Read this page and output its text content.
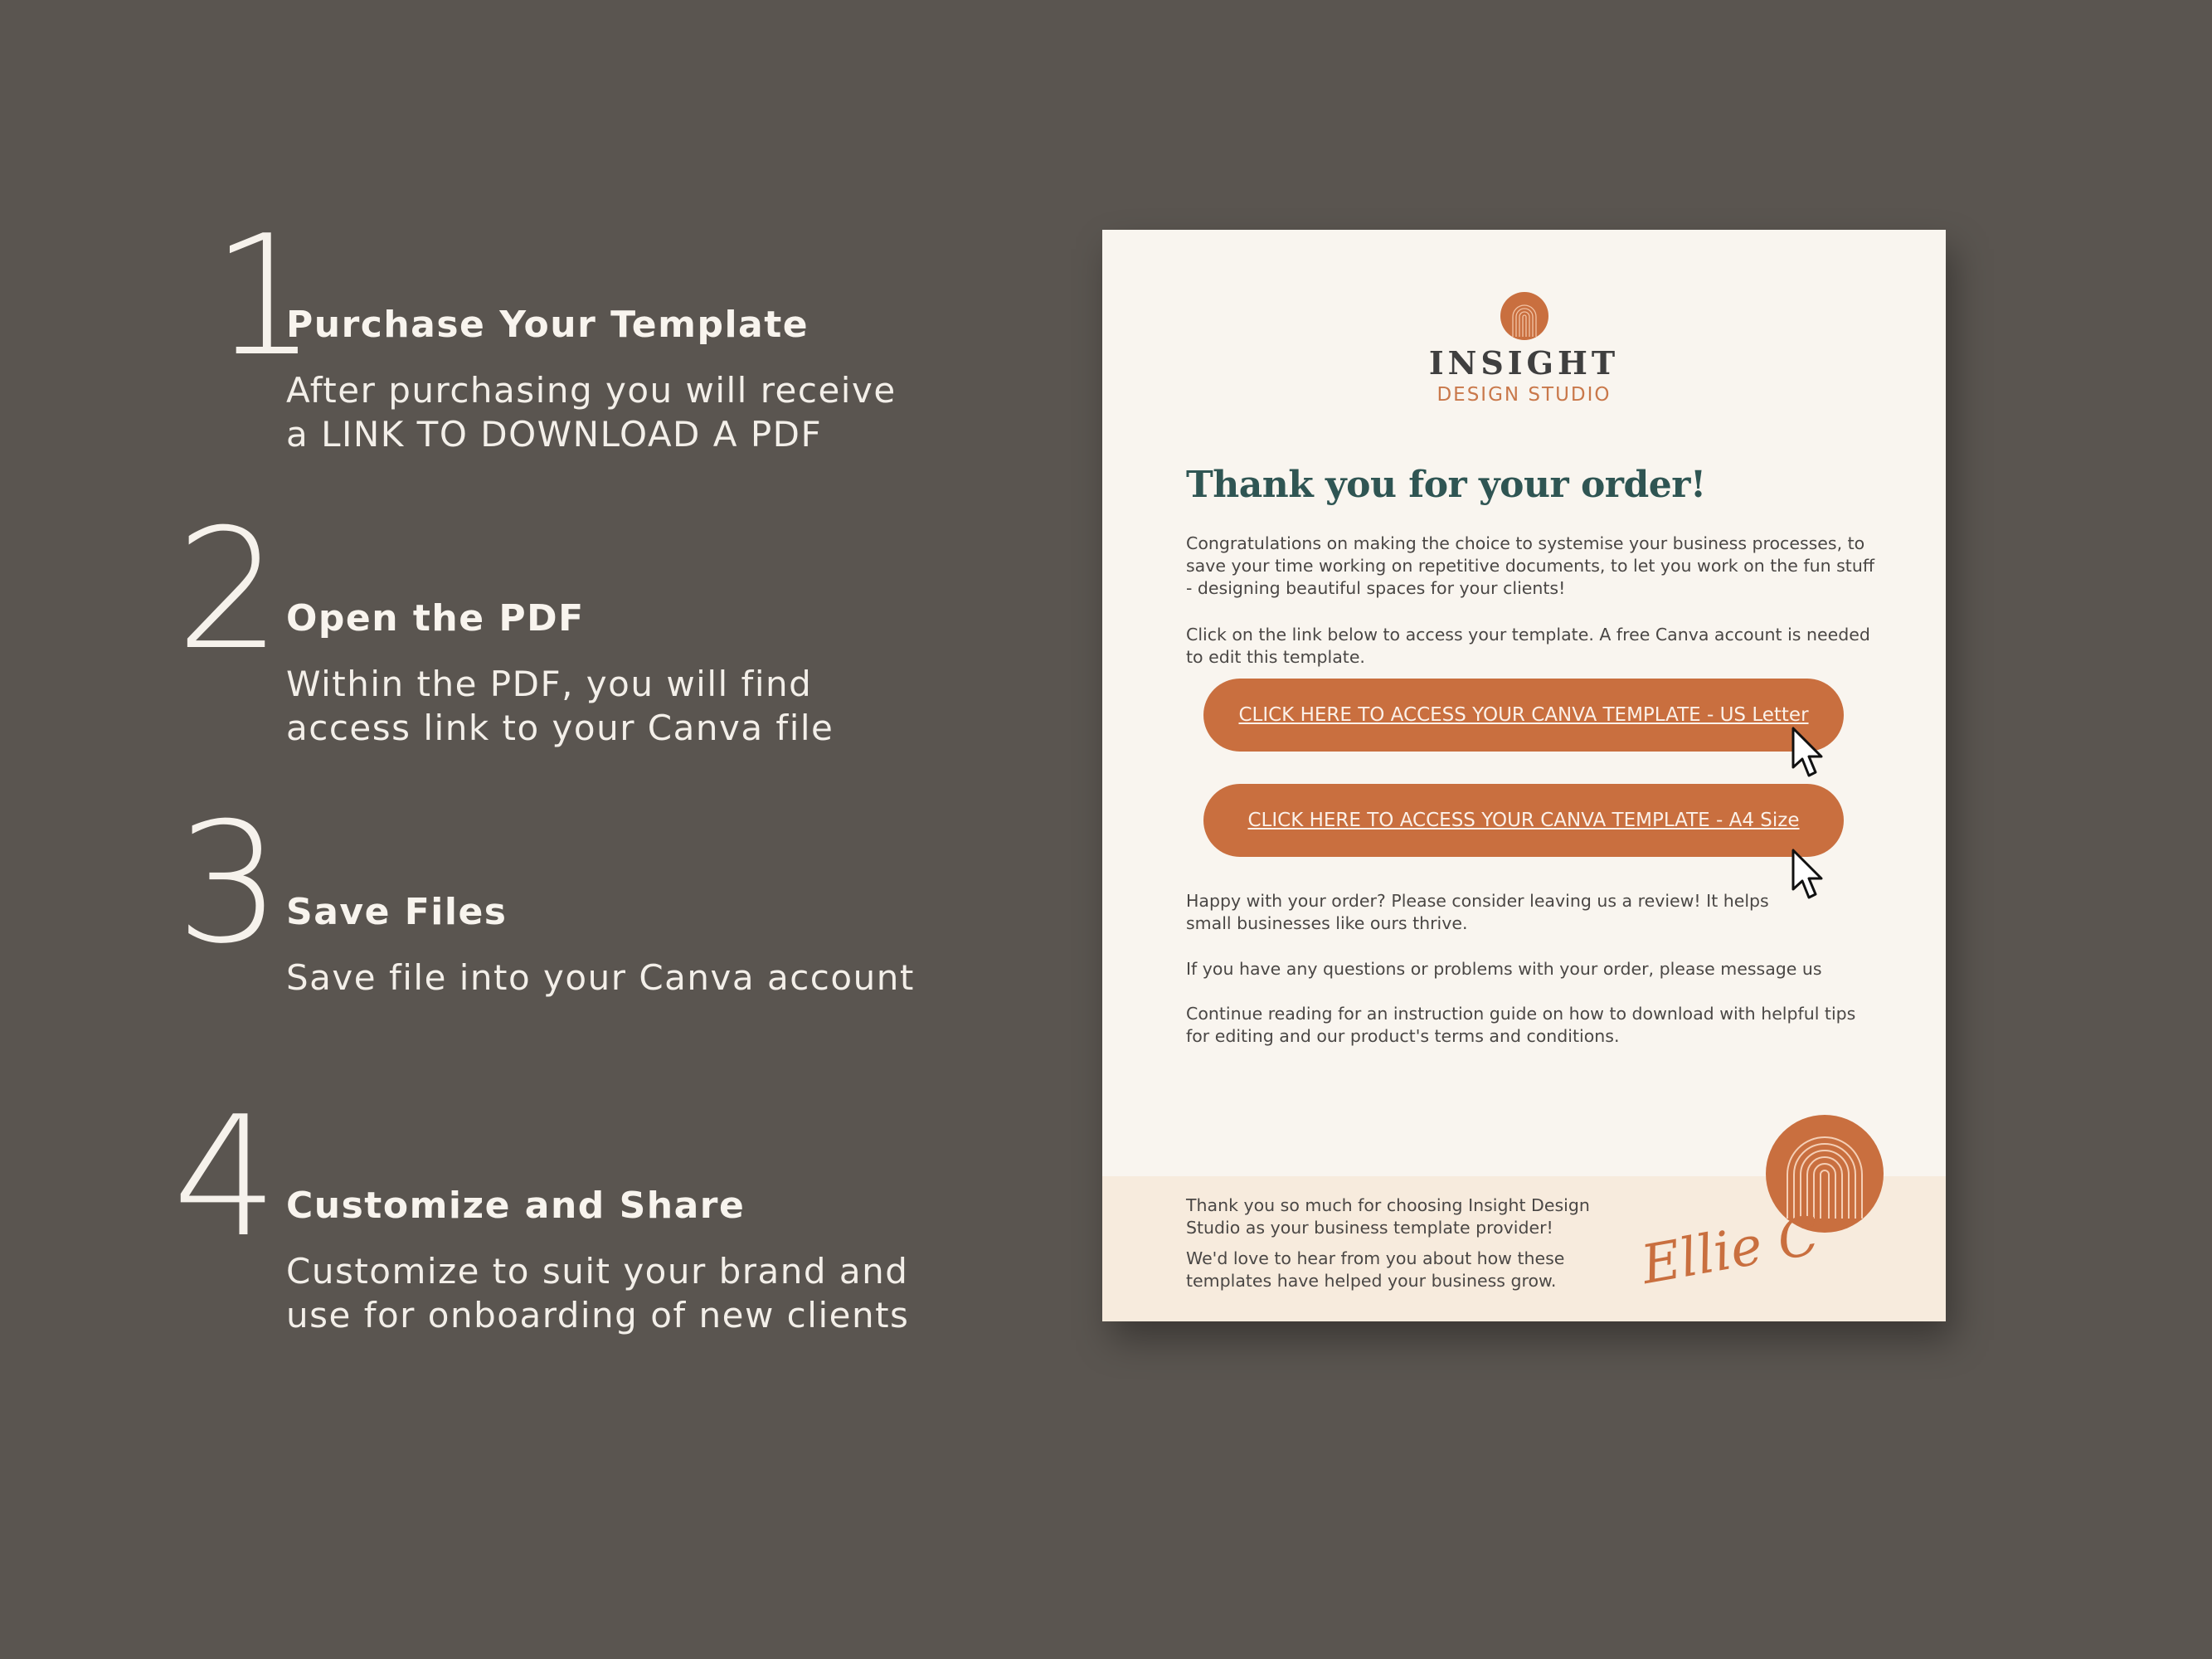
1
Purchase Your Template
After purchasing you will receive
a LINK TO DOWNLOAD A PDF
2 Open the PDF
Within the PDF, you will find
access link to your Canva file
3 Save Files
Save file into your Canva account
4 Customize and Share
Customize to suit your brand and
use for onboarding of new clients
INSIGHT
DESIGN STUDIO
Thank you for your order!
Congratulations on making the choice to systemise your business processes, to save your time working on repetitive documents, to let you work on the fun stuff - designing beautiful spaces for your clients!
Click on the link below to access your template. A free Canva account is needed to edit this template.
CLICK HERE TO ACCESS YOUR CANVA TEMPLATE - US Letter
CLICK HERE TO ACCESS YOUR CANVA TEMPLATE - A4 Size
Happy with your order? Please consider leaving us a review! It helps small businesses like ours thrive.
If you have any questions or problems with your order, please message us
Continue reading for an instruction guide on how to download with helpful tips for editing and our product's terms and conditions.
Thank you so much for choosing Insight Design Studio as your business template provider!
We'd love to hear from you about how these templates have helped your business grow.	Ellie C
